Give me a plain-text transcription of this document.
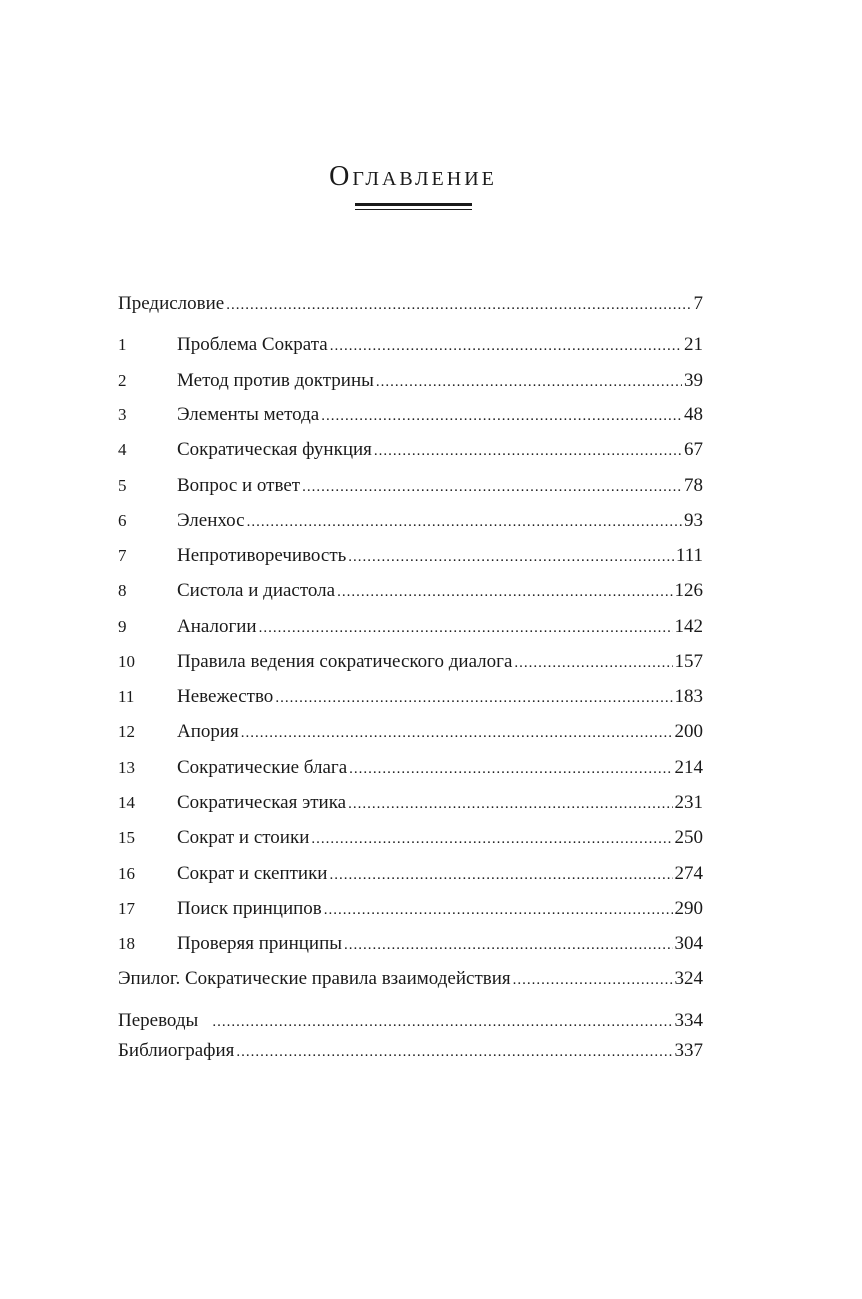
Оглавление
Предисловие .....	7
1	Проблема Сократа .....	21
2	Метод против доктрины .....	39
3	Элементы метода .....	48
4	Сократическая функция .....	67
5	Вопрос и ответ .....	78
6	Эленхос .....	93
7	Непротиворечивость .....	111
8	Систола и диастола .....	126
9	Аналогии .....	142
10	Правила ведения сократического диалога .....	157
11	Невежество .....	183
12	Апория .....	200
13	Сократические блага .....	214
14	Сократическая этика .....	231
15	Сократ и стоики .....	250
16	Сократ и скептики .....	274
17	Поиск принципов .....	290
18	Проверяя принципы .....	304
Эпилог. Сократические правила взаимодействия .....	324
Переводы .....	334
Библиография .....	337
